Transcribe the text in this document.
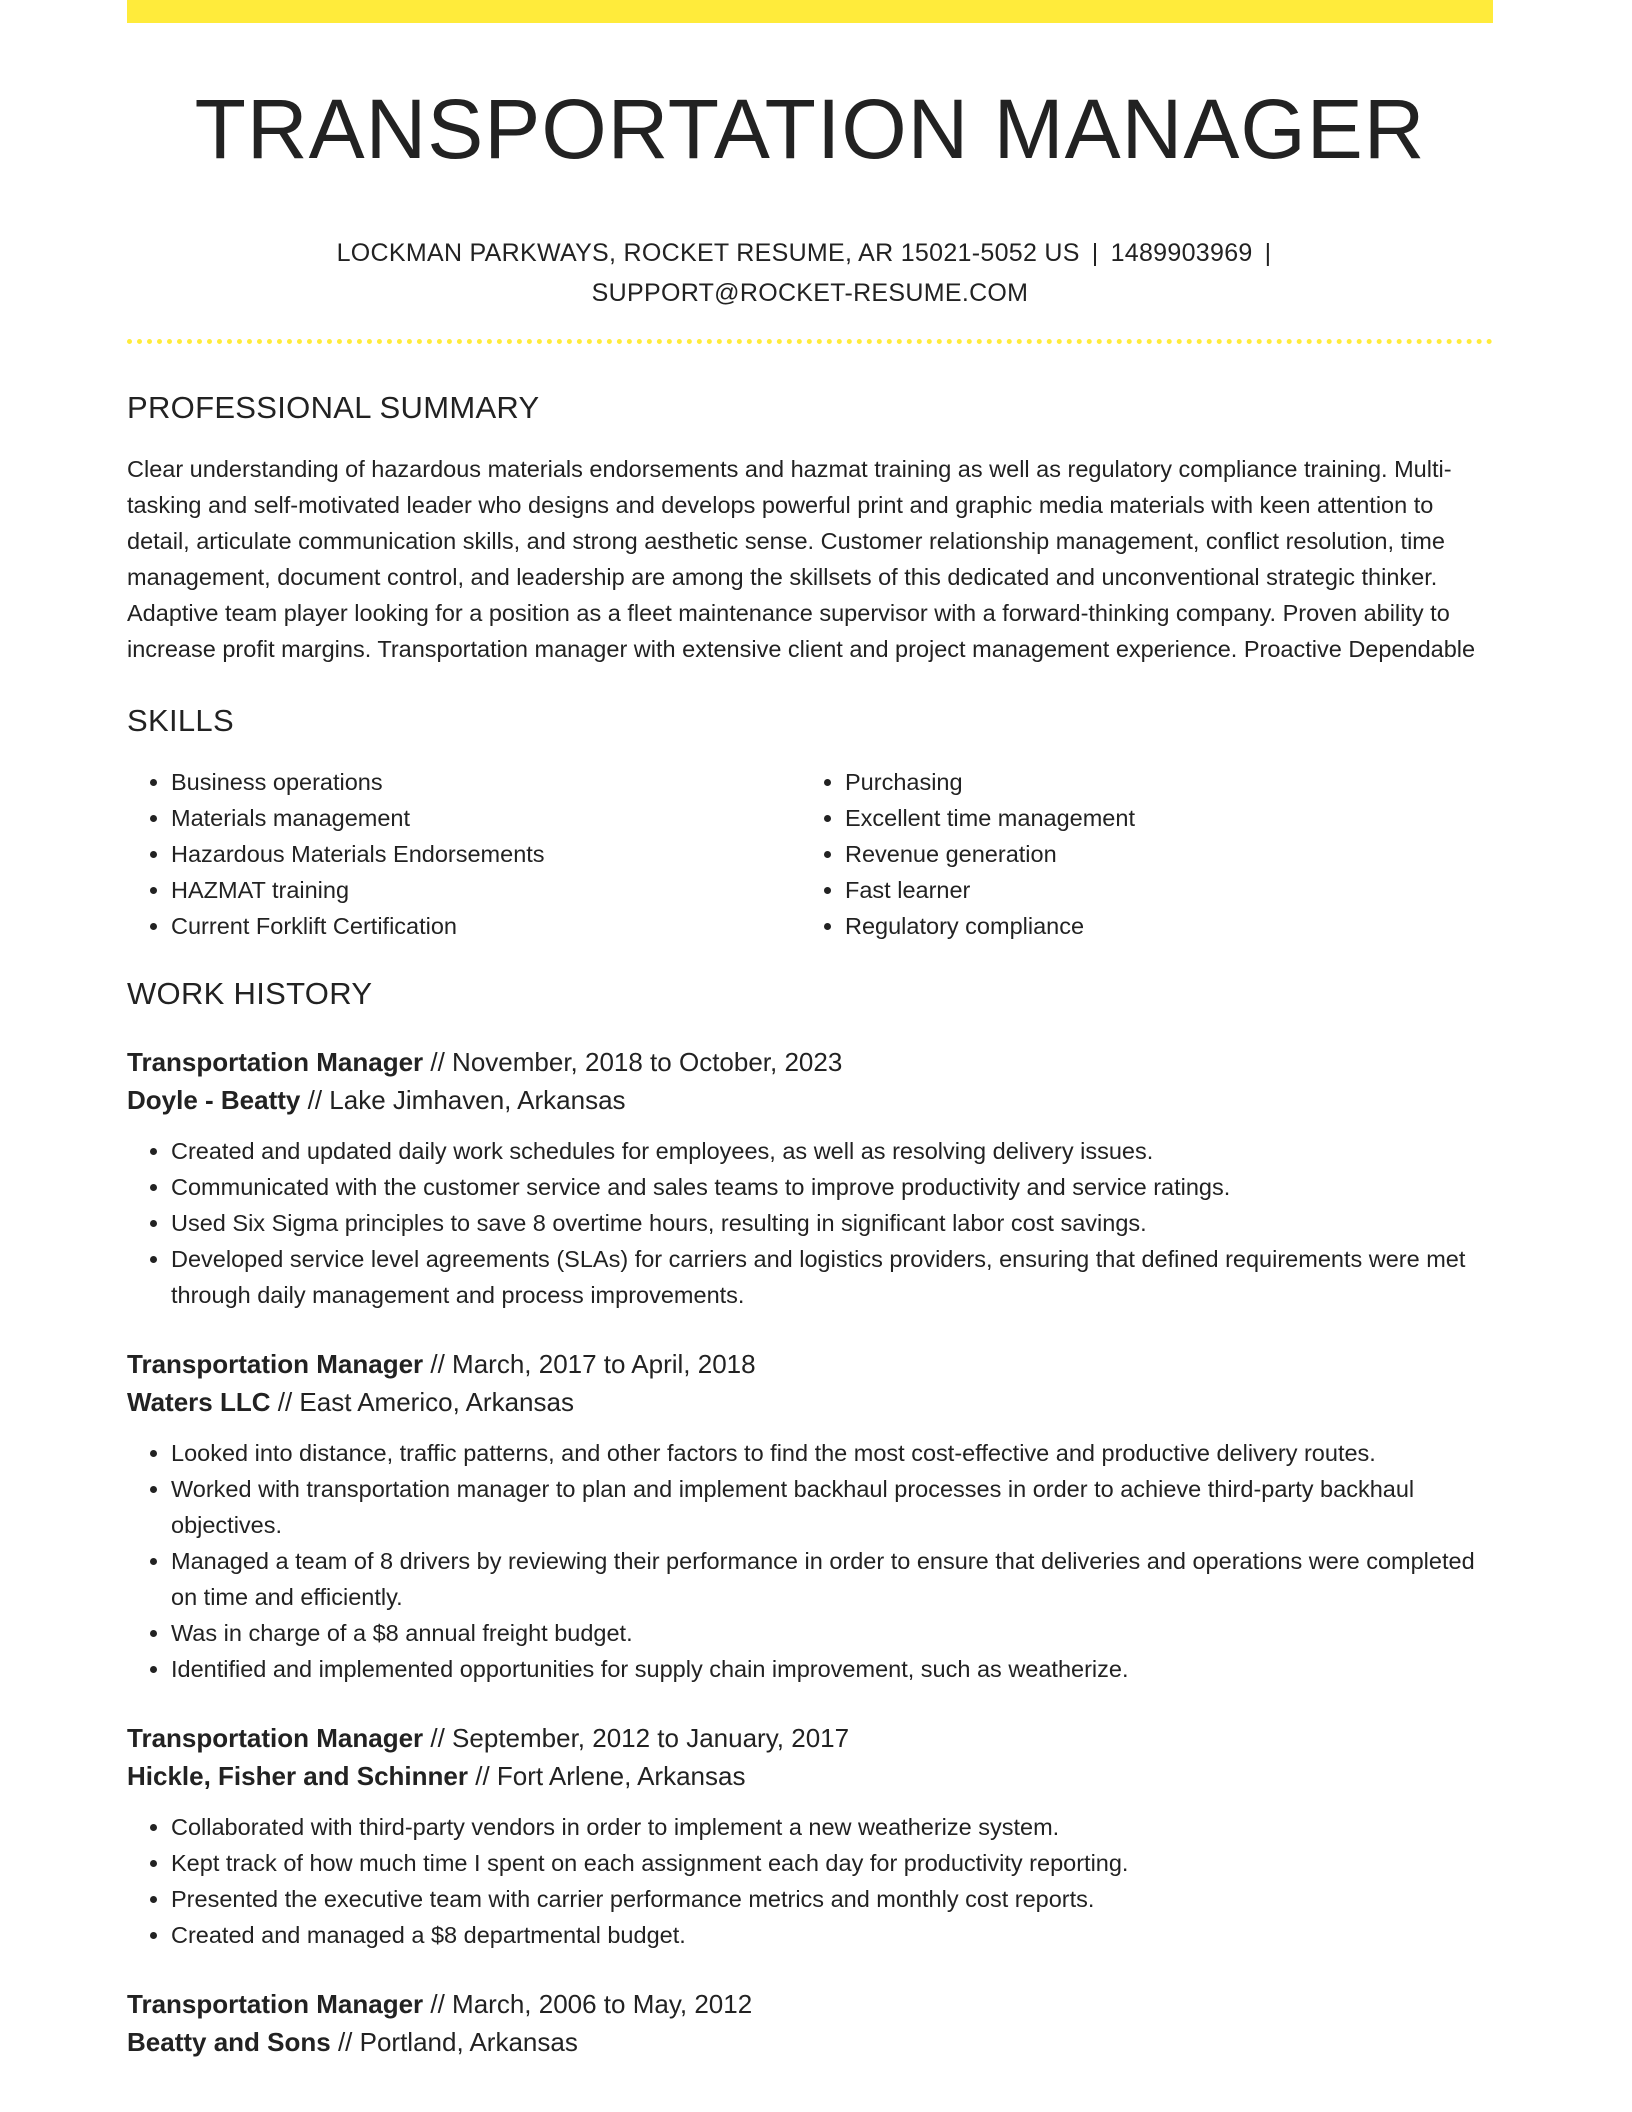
TRANSPORTATION MANAGER
LOCKMAN PARKWAYS, ROCKET RESUME, AR 15021-5052 US | 1489903969 |
SUPPORT@ROCKET-RESUME.COM
PROFESSIONAL SUMMARY

Clear understanding of hazardous materials endorsements and hazmat training as well as regulatory compliance training. Multi-tasking and self-motivated leader who designs and develops powerful print and graphic media materials with keen attention to detail, articulate communication skills, and strong aesthetic sense. Customer relationship management, conflict resolution, time management, document control, and leadership are among the skillsets of this dedicated and unconventional strategic thinker. Adaptive team player looking for a position as a fleet maintenance supervisor with a forward-thinking company. Proven ability to increase profit margins. Transportation manager with extensive client and project management experience. Proactive Dependable

SKILLS
• Business operations
• Materials management
• Hazardous Materials Endorsements
• HAZMAT training
• Current Forklift Certification
• Purchasing
• Excellent time management
• Revenue generation
• Fast learner
• Regulatory compliance
WORK HISTORY
Transportation Manager // November, 2018 to October, 2023
Doyle - Beatty // Lake Jimhaven, Arkansas
• Created and updated daily work schedules for employees, as well as resolving delivery issues.
• Communicated with the customer service and sales teams to improve productivity and service ratings.
• Used Six Sigma principles to save 8 overtime hours, resulting in significant labor cost savings.
• Developed service level agreements (SLAs) for carriers and logistics providers, ensuring that defined requirements were met through daily management and process improvements.
Transportation Manager // March, 2017 to April, 2018
Waters LLC // East Americo, Arkansas
• Looked into distance, traffic patterns, and other factors to find the most cost-effective and productive delivery routes.
• Worked with transportation manager to plan and implement backhaul processes in order to achieve third-party backhaul objectives.
• Managed a team of 8 drivers by reviewing their performance in order to ensure that deliveries and operations were completed on time and efficiently.
• Was in charge of a $8 annual freight budget.
• Identified and implemented opportunities for supply chain improvement, such as weatherize.
Transportation Manager // September, 2012 to January, 2017
Hickle, Fisher and Schinner // Fort Arlene, Arkansas
• Collaborated with third-party vendors in order to implement a new weatherize system.
• Kept track of how much time I spent on each assignment each day for productivity reporting.
• Presented the executive team with carrier performance metrics and monthly cost reports.
• Created and managed a $8 departmental budget.
Transportation Manager // March, 2006 to May, 2012
Beatty and Sons // Portland, Arkansas
